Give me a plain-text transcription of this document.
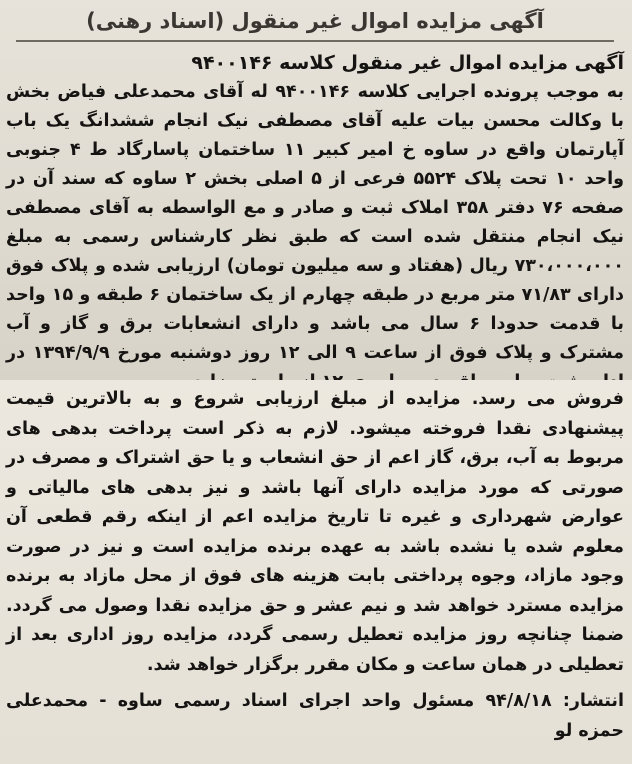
آگهی مزایده اموال غیر منقول (اسناد رهنی)

آگهی مزایده اموال غیر منقول کلاسه ۹۴۰۰۱۴۶

به موجب پرونده اجرایی کلاسه ۹۴۰۰۱۴۶ له آقای محمدعلی فیاض بخش با وکالت محسن بیات علیه آقای مصطفی نیک انجام ششدانگ یک باب آپارتمان واقع در ساوه خ امیر کبیر ۱۱ ساختمان پاسارگاد ط ۴ جنوبی واحد ۱۰ تحت پلاک ۵۵۲۴ فرعی از ۵ اصلی بخش ۲ ساوه که سند آن در صفحه ۷۶ دفتر ۳۵۸ املاک ثبت و صادر و مع الواسطه به آقای مصطفی نیک انجام منتقل شده است که طبق نظر کارشناس رسمی به مبلغ ۷۳۰،۰۰۰،۰۰۰ ریال (هفتاد و سه میلیون تومان) ارزیابی شده و پلاک فوق دارای ۷۱/۸۳ متر مربع در طبقه چهارم از یک ساختمان ۶ طبقه و ۱۵ واحد با قدمت حدودا ۶ سال می باشد و دارای انشعابات برق و گاز و آب مشترک و پلاک فوق از ساعت ۹ الی ۱۲ روز دوشنبه مورخ ۱۳۹۴/۹/۹ در

فروش می رسد. مزایده از مبلغ ارزیابی شروع و به بالاترین قیمت پیشنهادی نقدا فروخته میشود. لازم به ذکر است پرداخت بدهی های مربوط به آب، برق، گاز اعم از حق انشعاب و یا حق اشتراک و مصرف در صورتی که مورد مزایده دارای آنها باشد و نیز بدهی های مالیاتی و عوارض شهرداری و غیره تا تاریخ مزایده اعم از اینکه رقم قطعی آن معلوم شده یا نشده باشد به عهده برنده مزایده است و نیز در صورت وجود مازاد، وجوه پرداختی بابت هزینه های فوق از محل مازاد به برنده مزایده مسترد خواهد شد و نیم عشر و حق مزایده نقدا وصول می گردد. ضمنا چنانچه روز مزایده تعطیل رسمی گردد، مزایده روز اداری بعد از تعطیلی در همان ساعت و مکان مقرر برگزار خواهد شد.

انتشار: ۹۴/۸/۱۸ مسئول واحد اجرای اسناد رسمی ساوه - محمدعلی حمزه لو
